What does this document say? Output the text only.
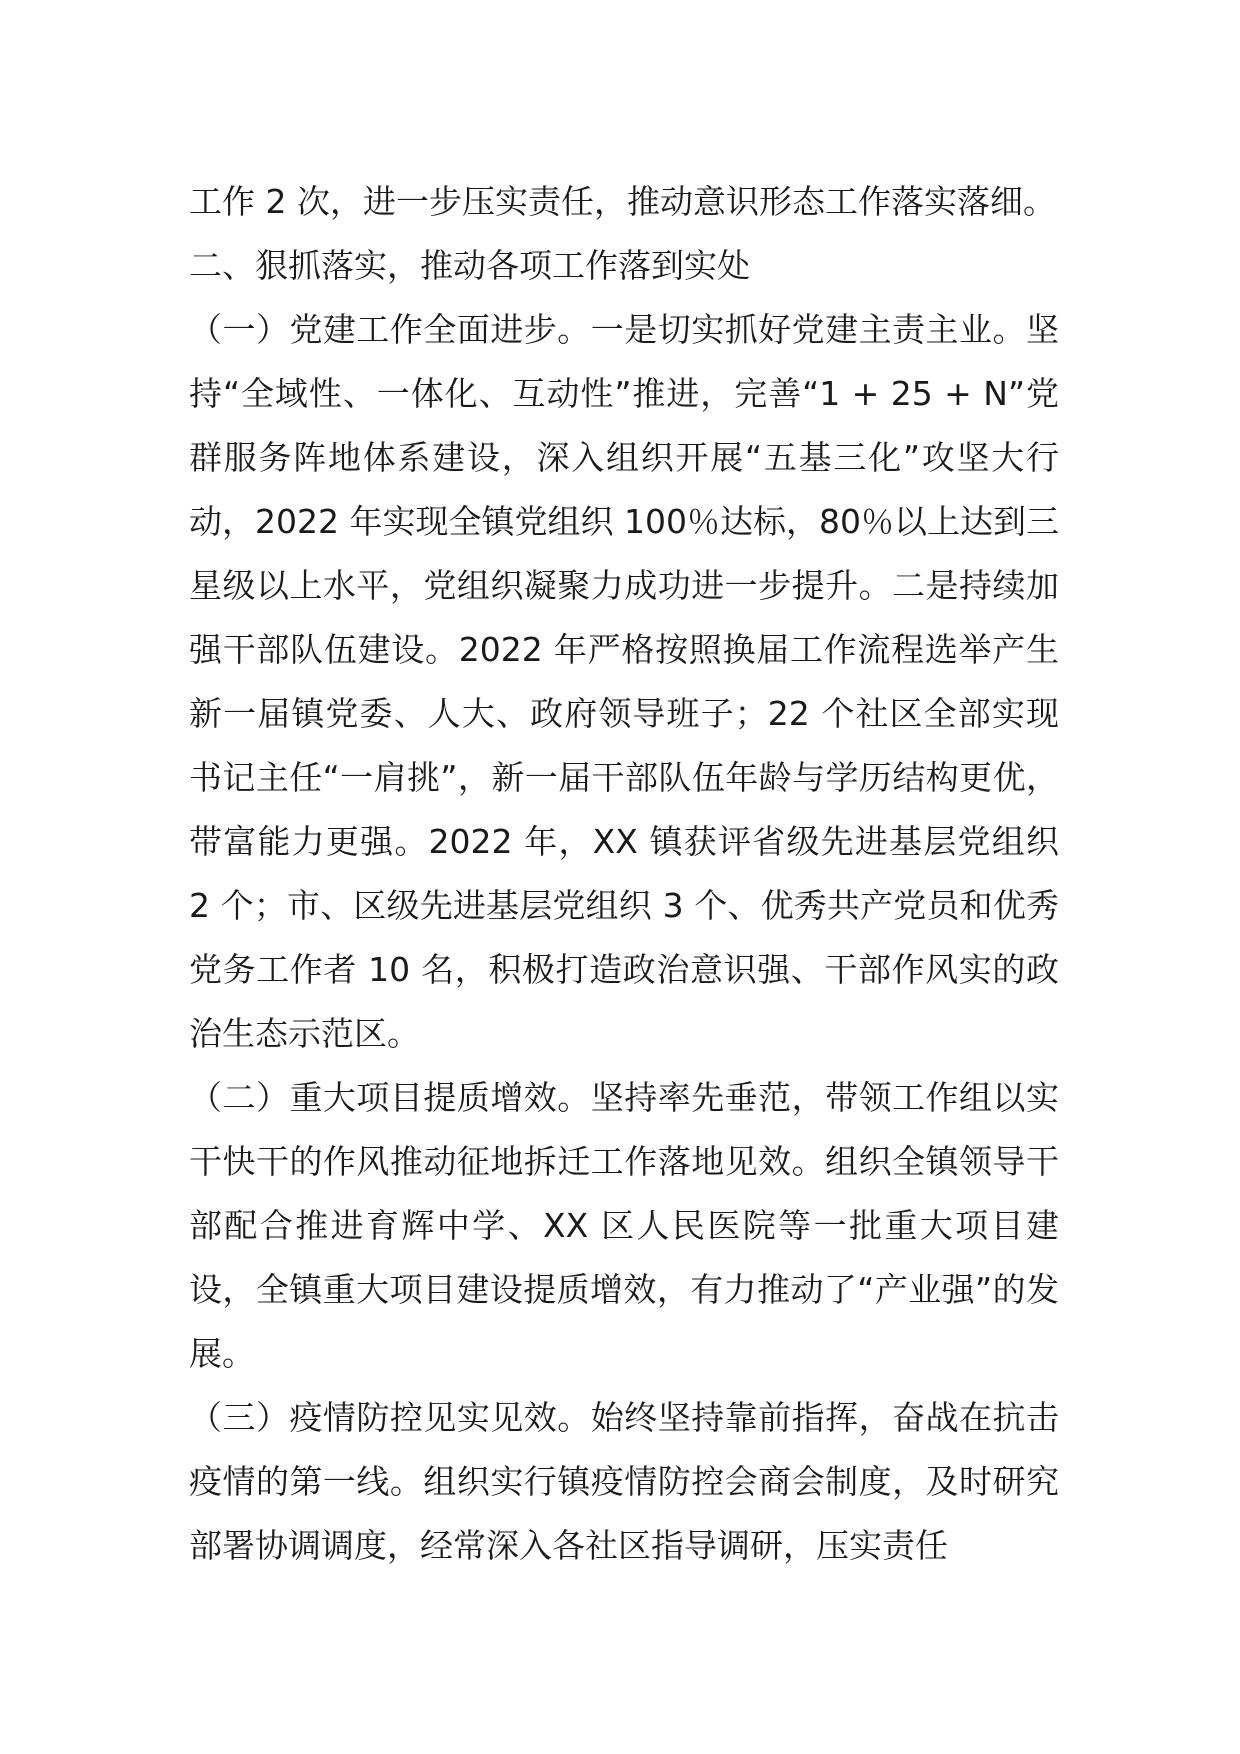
工作 2 次，进一步压实责任，推动意识形态工作落实落细。
二、狠抓落实，推动各项工作落到实处
（一）党建工作全面进步。一是切实抓好党建主责主业。坚持“全域性、一体化、互动性”推进，完善“1 + 25 + N”党群服务阵地体系建设，深入组织开展“五基三化”攻坚大行动，2022 年实现全镇党组织 100％达标，80％以上达到三星级以上水平，党组织凝聚力成功进一步提升。二是持续加强干部队伍建设。2022 年严格按照换届工作流程选举产生新一届镇党委、人大、政府领导班子；22 个社区全部实现书记主任“一肩挑”，新一届干部队伍年龄与学历结构更优，带富能力更强。2022 年，XX 镇获评省级先进基层党组织 2 个；市、区级先进基层党组织 3 个、优秀共产党员和优秀党务工作者 10 名，积极打造政治意识强、干部作风实的政治生态示范区。
（二）重大项目提质增效。坚持率先垂范，带领工作组以实干快干的作风推动征地拆迁工作落地见效。组织全镇领导干部配合推进育辉中学、XX 区人民医院等一批重大项目建设，全镇重大项目建设提质增效，有力推动了“产业强”的发展。
（三）疫情防控见实见效。始终坚持靠前指挥，奋战在抗击疫情的第一线。组织实行镇疫情防控会商会制度，及时研究部署协调调度，经常深入各社区指导调研，压实责任
